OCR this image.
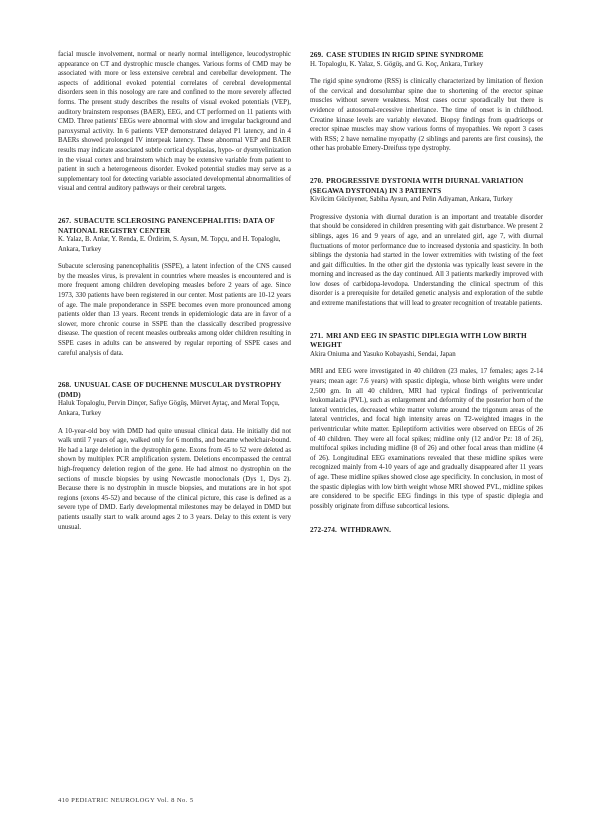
facial muscle involvement, normal or nearly normal intelligence, leucodystrophic appearance on CT and dystrophic muscle changes. Various forms of CMD may be associated with more or less extensive cerebral and cerebellar development. The aspects of additional evoked potential correlates of cerebral developmental disorders seen in this nosology are rare and confined to the more severely affected forms. The present study describes the results of visual evoked potentials (VEP), auditory brainstem responses (BAER), EEG, and CT performed on 11 patients with CMD. Three patients' EEGs were abnormal with slow and irregular background and paroxysmal activity. In 6 patients VEP demonstrated delayed P1 latency, and in 4 BAERs showed prolonged IV interpeak latency. These abnormal VEP and BAER results may indicate associated subtle cortical dysplasias, hypo- or dysmyelinization in the visual cortex and brainstem which may be extensive variable from patient to patient in such a heterogeneous disorder. Evoked potential studies may serve as a supplementary tool for detecting variable associated developmental abnormalities of visual and central auditory pathways or their cerebral targets.

267. SUBACUTE SCLEROSING PANENCEPHALITIS: DATA OF NATIONAL REGISTRY CENTER

K. Yalaz, B. Anlar, Y. Renda, E. Ördirim, S. Aysun, M. Topçu, and H. Topaloglu, Ankara, Turkey

Subacute sclerosing panencephalitis (SSPE), a latent infection of the CNS caused by the measles virus, is prevalent in countries where measles is encountered and is more frequent among children developing measles before 2 years of age. Since 1973, 330 patients have been registered in our center. Most patients are 10-12 years of age. The male preponderance in SSPE becomes even more pronounced among patients older than 13 years. Recent trends in epidemiologic data are in favor of a slower, more chronic course in SSPE than the classically described progressive disease. The question of recent measles outbreaks among older children resulting in SSPE cases in adults can be answered by regular reporting of SSPE cases and careful analysis of data.

268. UNUSUAL CASE OF DUCHENNE MUSCULAR DYSTROPHY (DMD)

Haluk Topaloglu, Pervin Dinçer, Safiye Gögüş, Mürvet Aytaç, and Meral Topçu, Ankara, Turkey

A 10-year-old boy with DMD had quite unusual clinical data. He initially did not walk until 7 years of age, walked only for 6 months, and became wheelchair-bound. He had a large deletion in the dystrophin gene. Exons from 45 to 52 were deleted as shown by multiplex PCR amplification system. Deletions encompassed the central high-frequency deletion region of the gene. He had almost no dystrophin on the sections of muscle biopsies by using Newcastle monoclonals (Dys 1, Dys 2). Because there is no dystrophin in muscle biopsies, and mutations are in hot spot regions (exons 45-52) and because of the clinical picture, this case is defined as a severe type of DMD. Early developmental milestones may be delayed in DMD but patients usually start to walk around ages 2 to 3 years. Delay to this extent is very unusual.

269. CASE STUDIES IN RIGID SPINE SYNDROME

H. Topaloglu, K. Yalaz, S. Gögüş, and G. Koç, Ankara, Turkey

The rigid spine syndrome (RSS) is clinically characterized by limitation of flexion of the cervical and dorsolumbar spine due to shortening of the erector spinae muscles without severe weakness. Most cases occur sporadically but there is evidence of autosomal-recessive inheritance. The time of onset is in childhood. Creatine kinase levels are variably elevated. Biopsy findings from quadriceps or erector spinae muscles may show various forms of myopathies. We report 3 cases with RSS; 2 have nemaline myopathy (2 siblings and parents are first cousins), the other has probable Emery-Dreifuss type dystrophy.

270. PROGRESSIVE DYSTONIA WITH DIURNAL VARIATION (SEGAWA DYSTONIA) IN 3 PATIENTS

Kivilcim Gücüyener, Sabiha Aysun, and Pelin Adiyaman, Ankara, Turkey

Progressive dystonia with diurnal duration is an important and treatable disorder that should be considered in children presenting with gait disturbance. We present 2 siblings, ages 16 and 9 years of age, and an unrelated girl, age 7, with diurnal fluctuations of motor performance due to increased dystonia and spasticity. In both siblings the dystonia had started in the lower extremities with twisting of the feet and gait difficulties. In the other girl the dystonia was typically least severe in the morning and increased as the day continued. All 3 patients markedly improved with low doses of carbidopa-levodopa. Understanding the clinical spectrum of this disorder is a prerequisite for detailed genetic analysis and exploration of the subtle and extreme manifestations that will lead to greater recognition of treatable patients.

271. MRI AND EEG IN SPASTIC DIPLEGIA WITH LOW BIRTH WEIGHT

Akira Oniuma and Yasuko Kobayashi, Sendai, Japan

MRI and EEG were investigated in 40 children (23 males, 17 females; ages 2-14 years; mean age: 7.6 years) with spastic diplegia, whose birth weights were under 2,500 gm. In all 40 children, MRI had typical findings of periventricular leukomalacia (PVL), such as enlargement and deformity of the posterior horn of the lateral ventricles, decreased white matter volume around the trigonum areas of the lateral ventricles, and focal high intensity areas on T2-weighted images in the periventricular white matter. Epileptiform activities were observed on EEGs of 26 of 40 children. They were all focal spikes; midline only (12 and/or Pz: 18 of 26), multifocal spikes including midline (8 of 26) and other focal areas than midline (4 of 26). Longitudinal EEG examinations revealed that these midline spikes were recognized mainly from 4-10 years of age and gradually disappeared after 11 years of age. These midline spikes showed close age specificity. In conclusion, in most of the spastic diplegias with low birth weight whose MRI showed PVL, midline spikes are considered to be specific EEG findings in this type of spastic diplegia and possibly originate from diffuse subcortical lesions.

272-274. WITHDRAWN.

410 PEDIATRIC NEUROLOGY Vol. 8 No. 5
